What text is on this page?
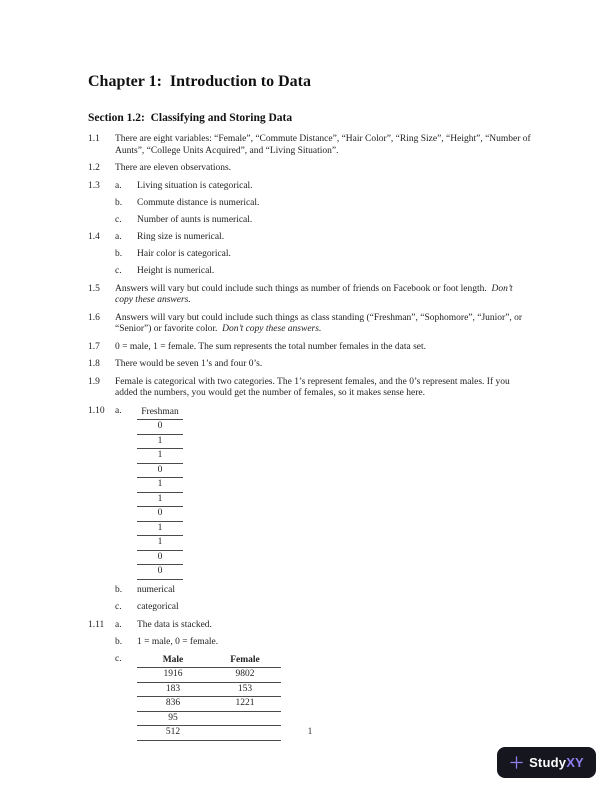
Chapter 1:  Introduction to Data
Section 1.2:  Classifying and Storing Data
1.1	There are eight variables: “Female”, “Commute Distance”, “Hair Color”, “Ring Size”, “Height”, “Number of Aunts”, “College Units Acquired”, and “Living Situation”.
1.2	There are eleven observations.
1.3	a.	Living situation is categorical.
b.	Commute distance is numerical.
c.	Number of aunts is numerical.
1.4	a.	Ring size is numerical.
b.	Hair color is categorical.
c.	Height is numerical.
1.5	Answers will vary but could include such things as number of friends on Facebook or foot length.  Don’t copy these answers.
1.6	Answers will vary but could include such things as class standing (“Freshman”, “Sophomore”, “Junior”, or “Senior”) or favorite color.  Don’t copy these answers.
1.7	0 = male, 1 = female. The sum represents the total number females in the data set.
1.8	There would be seven 1’s and four 0’s.
1.9	Female is categorical with two categories. The 1’s represent females, and the 0’s represent males. If you added the numbers, you would get the number of females, so it makes sense here.
1.10	a.	Freshman
0
1
1
0
1
1
0
1
1
0
0
b.	numerical
c.	categorical
1.11	a.	The data is stacked.
b.	1 = male, 0 = female.
c.	Male	Female
1916	9802
183	153
836	1221
95	
512		1
StudyXY
